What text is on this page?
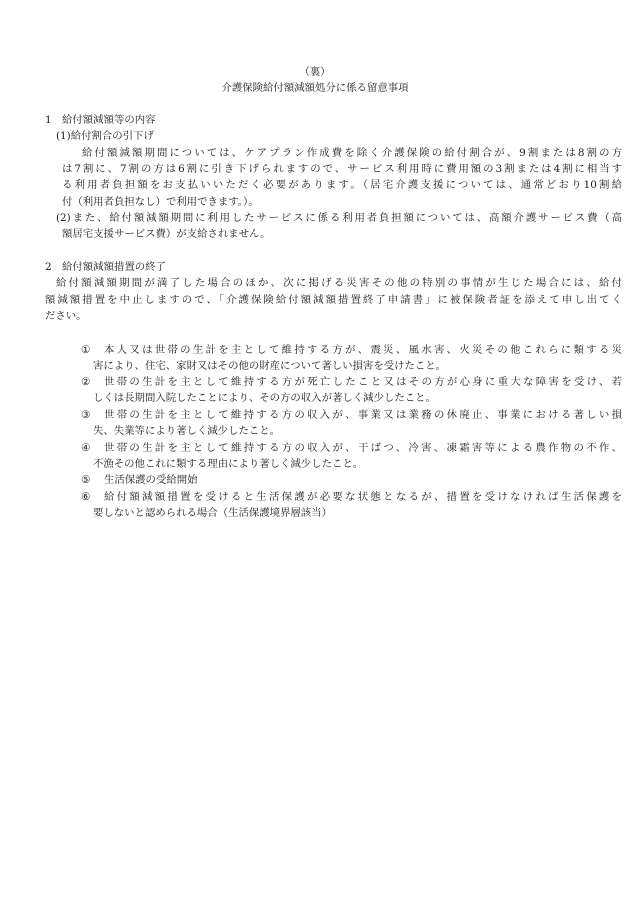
（裏）
介護保険給付額減額処分に係る留意事項
1　給付額減額等の内容
(1)給付割合の引下げ
給付額減額期間については、ケアプラン作成費を除く介護保険の給付割合が、9割または8割の方
は7割に、7割の方は6割に引き下げられますので、サービス利用時に費用額の3割または4割に相当す
る利用者負担額をお支払いいただく必要があります。（居宅介護支援については、通常どおり10割給
付（利用者負担なし）で利用できます。）。
(2)また、給付額減額期間に利用したサービスに係る利用者負担額については、高額介護サービス費（高
額居宅支援サービス費）が支給されません。
2　給付額減額措置の終了
給付額減額期間が満了した場合のほか、次に掲げる災害その他の特別の事情が生じた場合には、給付
額減額措置を中止しますので、「介護保険給付額減額措置終了申請書」に被保険者証を添えて申し出てく
ださい。
① 本人又は世帯の生計を主として維持する方が、震災、風水害、火災その他これらに類する災
害により、住宅、家財又はその他の財産について著しい損害を受けたこと。
② 世帯の生計を主として維持する方が死亡したこと又はその方が心身に重大な障害を受け、若
しくは長期間入院したことにより、その方の収入が著しく減少したこと。
③ 世帯の生計を主として維持する方の収入が、事業又は業務の休廃止、事業における著しい損
失、失業等により著しく減少したこと。
④ 世帯の生計を主として維持する方の収入が、干ばつ、冷害、凍霜害等による農作物の不作、
不漁その他これに類する理由により著しく減少したこと。
⑤ 生活保護の受給開始
⑥ 給付額減額措置を受けると生活保護が必要な状態となるが、措置を受けなければ生活保護を
要しないと認められる場合（生活保護境界層該当）
